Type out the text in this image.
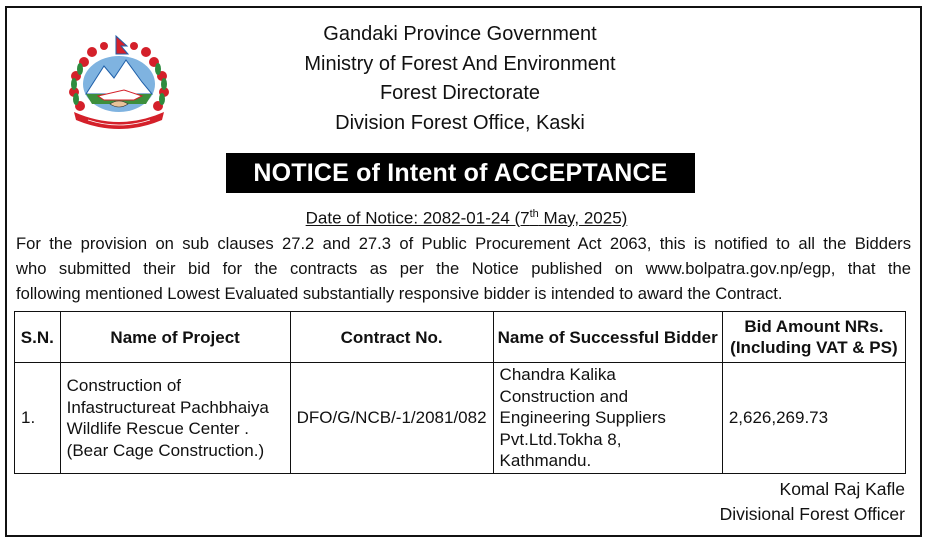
Gandaki Province Government
Ministry of Forest And Environment
Forest Directorate
Division Forest Office, Kaski
NOTICE of Intent of ACCEPTANCE
Date of Notice: 2082-01-24 (7th May, 2025)
For the provision on sub clauses 27.2 and 27.3 of Public Procurement Act 2063, this is notified to all the Bidders
who submitted their bid for the contracts as per the Notice published on www.bolpatra.gov.np/egp, that the
following mentioned Lowest Evaluated substantially responsive bidder is intended to award the Contract.
S.N.	Name of Project	Contract No.	Name of Successful Bidder	Bid Amount NRs.
(Including VAT & PS)

1.	Construction of Infastructureat Pachbhaiya Wildlife Rescue Center . (Bear Cage Construction.)	DFO/G/NCB/-1/2081/082	Chandra Kalika Construction and Engineering Suppliers Pvt.Ltd.Tokha 8, Kathmandu.	2,626,269.73
Komal Raj Kafle
Divisional Forest Officer
